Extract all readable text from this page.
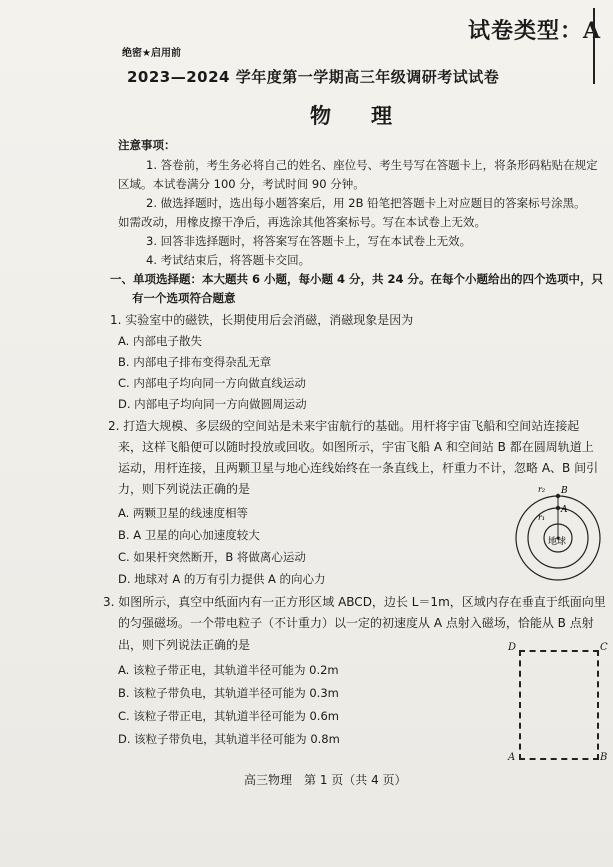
试卷类型：A
绝密★启用前
2023—2024 学年度第一学期高三年级调研考试试卷
物理
注意事项：
1. 答卷前，考生务必将自己的姓名、座位号、考生号写在答题卡上，将条形码粘贴在规定
区域。本试卷满分 100 分，考试时间 90 分钟。
2. 做选择题时，选出每小题答案后，用 2B 铅笔把答题卡上对应题目的答案标号涂黑。
如需改动，用橡皮擦干净后，再选涂其他答案标号。写在本试卷上无效。
3. 回答非选择题时，将答案写在答题卡上，写在本试卷上无效。
4. 考试结束后，将答题卡交回。
一、单项选择题：本大题共 6 小题，每小题 4 分，共 24 分。在每个小题给出的四个选项中，只
有一个选项符合题意
1. 实验室中的磁铁，长期使用后会消磁，消磁现象是因为
A. 内部电子散失
B. 内部电子排布变得杂乱无章
C. 内部电子均向同一方向做直线运动
D. 内部电子均向同一方向做圆周运动
2. 打造大规模、多层级的空间站是未来宇宙航行的基础。用杆将宇宙飞船和空间站连接起
来，这样飞船便可以随时投放或回收。如图所示，宇宙飞船 A 和空间站 B 都在圆周轨道上
运动，用杆连接，且两颗卫星与地心连线始终在一条直线上，杆重力不计，忽略 A、B 间引
力，则下列说法正确的是
A. 两颗卫星的线速度相等
B. A 卫星的向心加速度较大
C. 如果杆突然断开，B 将做离心运动
D. 地球对 A 的万有引力提供 A 的向心力
地球
A
B
r₂
r₁
3. 如图所示，真空中纸面内有一正方形区域 ABCD，边长 L＝1m，区域内存在垂直于纸面向里
的匀强磁场。一个带电粒子（不计重力）以一定的初速度从 A 点射入磁场，恰能从 B 点射
出，则下列说法正确的是
A. 该粒子带正电，其轨道半径可能为 0.2m
B. 该粒子带负电，其轨道半径可能为 0.3m
C. 该粒子带正电，其轨道半径可能为 0.6m
D. 该粒子带负电，其轨道半径可能为 0.8m
D	C
A	B
高三物理　第 1 页（共 4 页）
